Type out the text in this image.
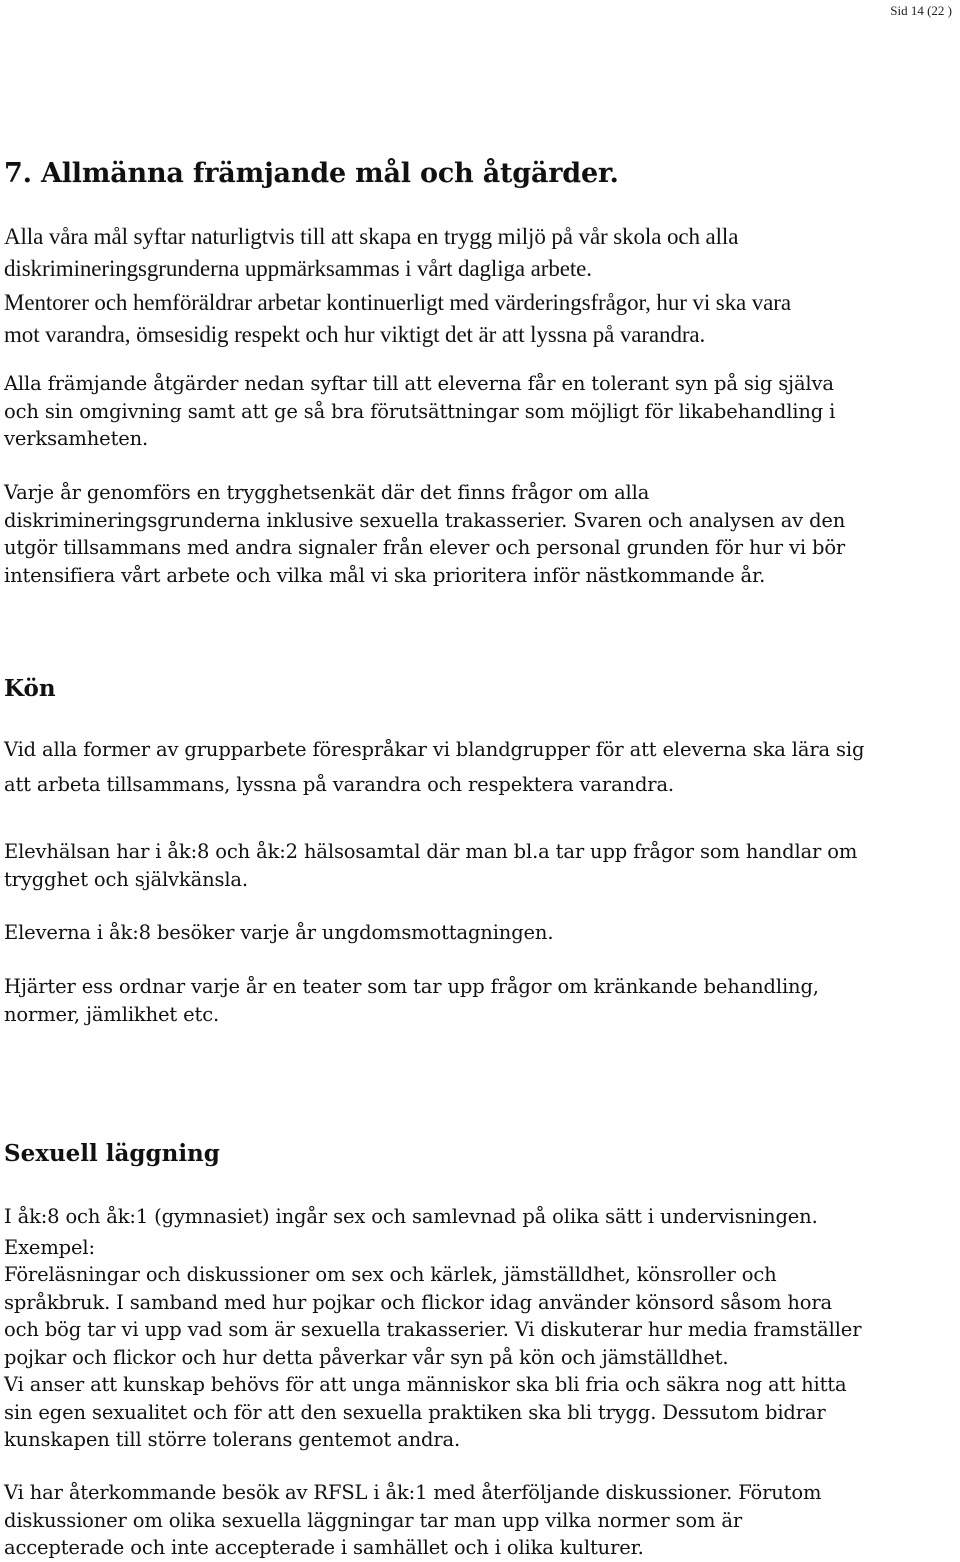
Sid 14 (22 )
7. Allmänna främjande mål och åtgärder.

Alla våra mål syftar naturligtvis till att skapa en trygg miljö på vår skola och alla
diskrimineringsgrunderna uppmärksammas i vårt dagliga arbete.

Mentorer och hemföräldrar arbetar kontinuerligt med värderingsfrågor, hur vi ska vara
mot varandra, ömsesidig respekt och hur viktigt det är att lyssna på varandra.

Alla främjande åtgärder nedan syftar till att eleverna får en tolerant syn på sig själva
och sin omgivning samt att ge så bra förutsättningar som möjligt för likabehandling i
verksamheten.

Varje år genomförs en trygghetsenkät där det finns frågor om alla
diskrimineringsgrunderna inklusive sexuella trakasserier. Svaren och analysen av den
utgör tillsammans med andra signaler från elever och personal grunden för hur vi bör
intensifiera vårt arbete och vilka mål vi ska prioritera inför nästkommande år.

Kön

Vid alla former av grupparbete förespråkar vi blandgrupper för att eleverna ska lära sig
att arbeta tillsammans, lyssna på varandra och respektera varandra.

Elevhälsan har i åk:8 och åk:2 hälsosamtal där man bl.a tar upp frågor som handlar om
trygghet och självkänsla.

Eleverna i åk:8 besöker varje år ungdomsmottagningen.

Hjärter ess ordnar varje år en teater som tar upp frågor om kränkande behandling,
normer, jämlikhet etc.

Sexuell läggning

I åk:8 och åk:1 (gymnasiet) ingår sex och samlevnad på olika sätt i undervisningen.
Exempel:
Föreläsningar och diskussioner om sex och kärlek, jämställdhet, könsroller och
språkbruk. I samband med hur pojkar och flickor idag använder könsord såsom hora
och bög tar vi upp vad som är sexuella trakasserier. Vi diskuterar hur media framställer
pojkar och flickor och hur detta påverkar vår syn på kön och jämställdhet.
Vi anser att kunskap behövs för att unga människor ska bli fria och säkra nog att hitta
sin egen sexualitet och för att den sexuella praktiken ska bli trygg. Dessutom bidrar
kunskapen till större tolerans gentemot andra.

Vi har återkommande besök av RFSL i åk:1 med återföljande diskussioner. Förutom
diskussioner om olika sexuella läggningar tar man upp vilka normer som är
accepterade och inte accepterade i samhället och i olika kulturer.
